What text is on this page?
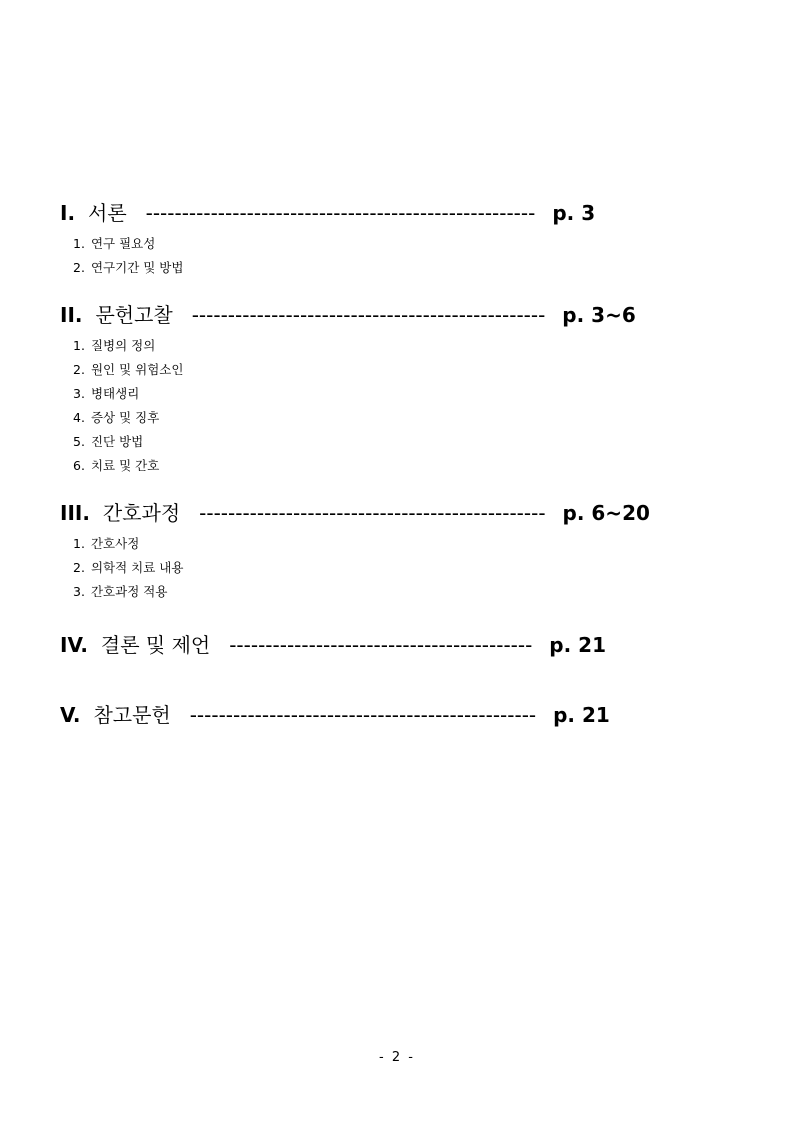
I. 서론 ------------------------------------------------------ p. 3
1. 연구 필요성
2. 연구기간 및 방법
II. 문헌고찰 ------------------------------------------------- p. 3~6
1. 질병의 정의
2. 원인 및 위험소인
3. 병태생리
4. 증상 및 징후
5. 진단 방법
6. 치료 및 간호
III. 간호과정 ------------------------------------------------ p. 6~20
1. 간호사정
2. 의학적 치료 내용
3. 간호과정 적용
IV. 결론 및 제언 ------------------------------------------ p. 21
V. 참고문헌 ------------------------------------------------ p. 21
- 2 -
